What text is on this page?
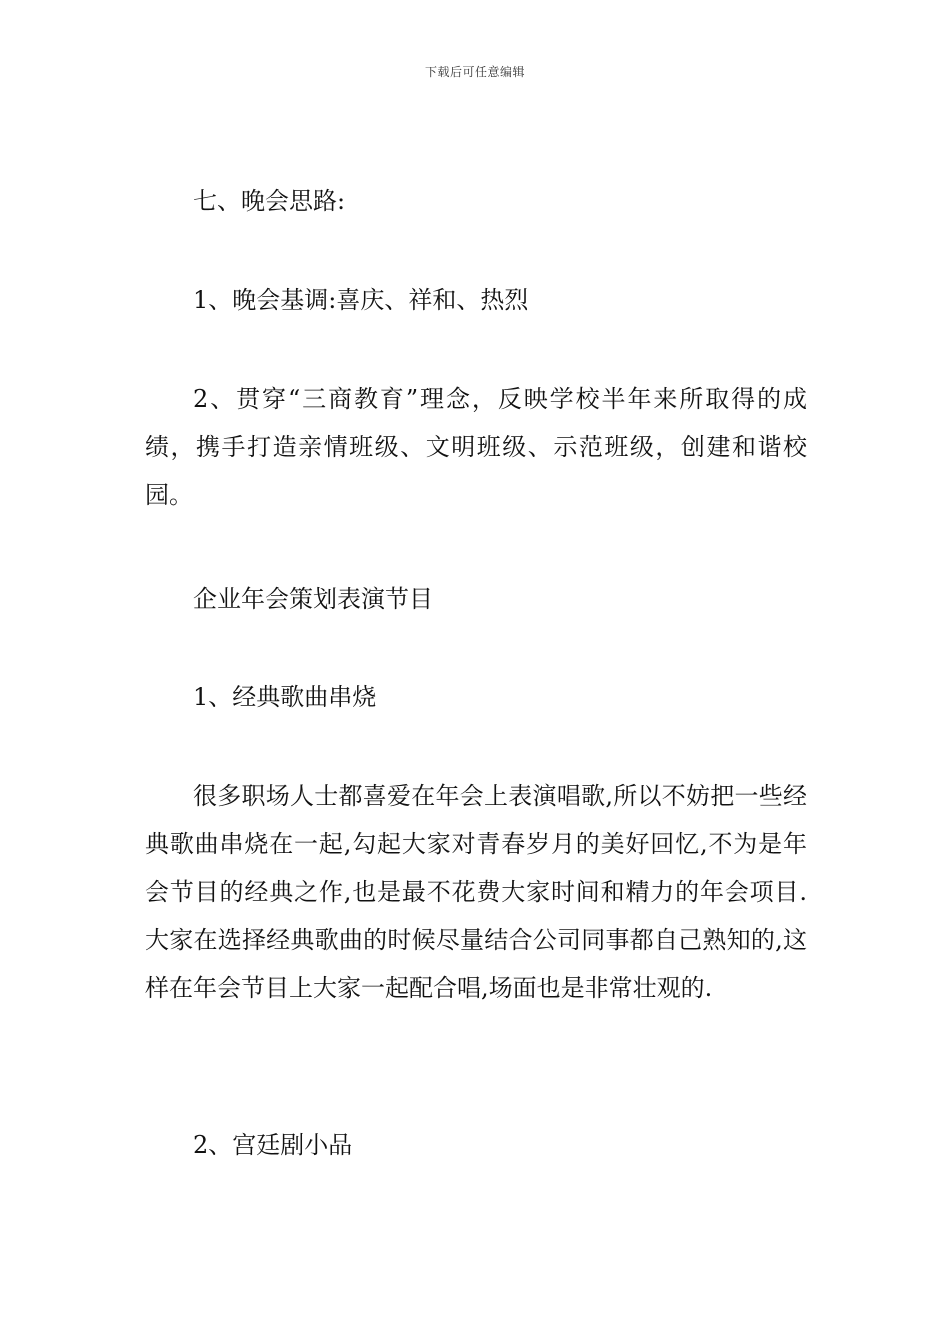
下载后可任意编辑

七、晚会思路:

1、晚会基调:喜庆、祥和、热烈

2、贯穿“三商教育”理念，反映学校半年来所取得的成绩，携手打造亲情班级、文明班级、示范班级，创建和谐校园。

企业年会策划表演节目

1、经典歌曲串烧

很多职场人士都喜爱在年会上表演唱歌,所以不妨把一些经典歌曲串烧在一起,勾起大家对青春岁月的美好回忆,不为是年会节目的经典之作,也是最不花费大家时间和精力的年会项目.大家在选择经典歌曲的时候尽量结合公司同事都自己熟知的,这样在年会节目上大家一起配合唱,场面也是非常壮观的.

2、宫廷剧小品
